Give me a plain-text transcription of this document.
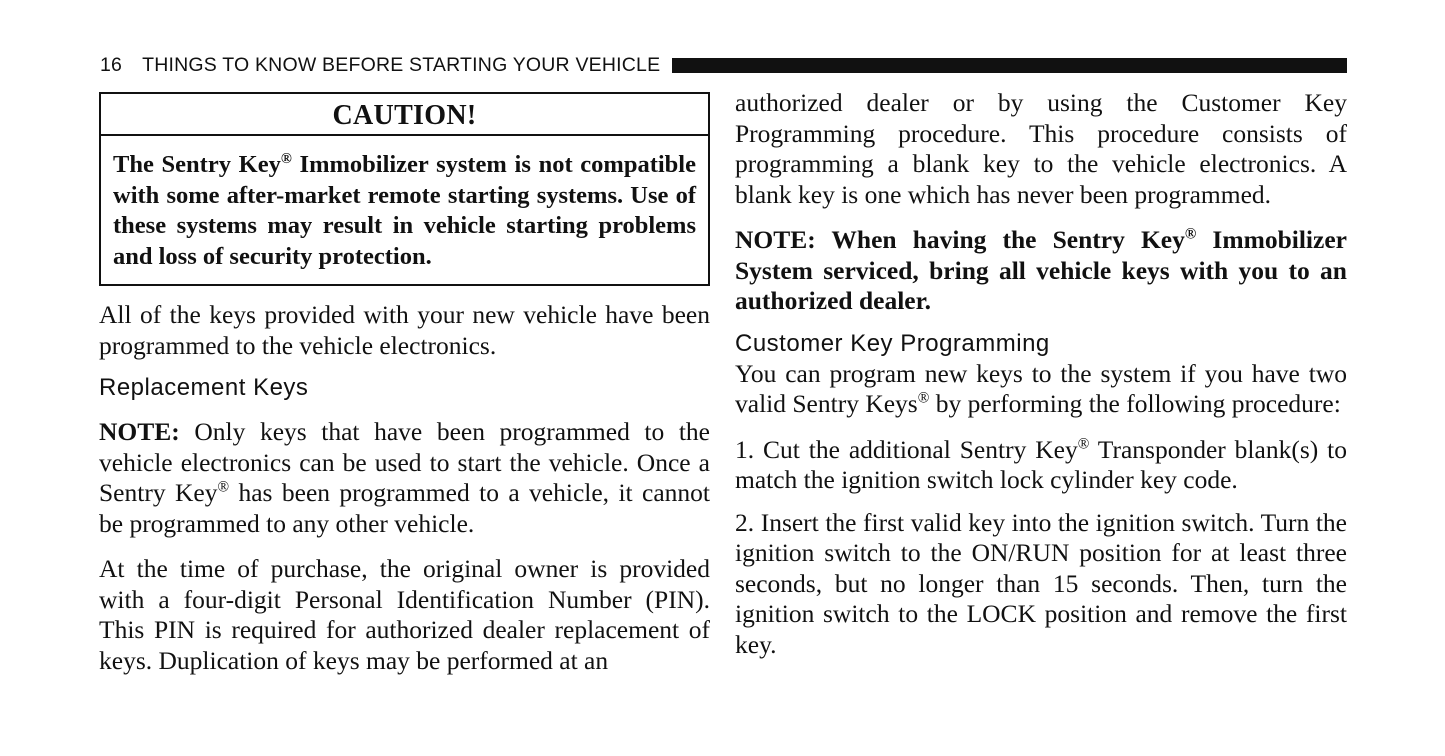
16 THINGS TO KNOW BEFORE STARTING YOUR VEHICLE
CAUTION!
The Sentry Key® Immobilizer system is not compatible with some after-market remote starting systems. Use of these systems may result in vehicle starting problems and loss of security protection.

All of the keys provided with your new vehicle have been programmed to the vehicle electronics.

Replacement Keys

NOTE: Only keys that have been programmed to the vehicle electronics can be used to start the vehicle. Once a Sentry Key® has been programmed to a vehicle, it cannot be programmed to any other vehicle.

At the time of purchase, the original owner is provided with a four-digit Personal Identification Number (PIN). This PIN is required for authorized dealer replacement of keys. Duplication of keys may be performed at an

authorized dealer or by using the Customer Key Programming procedure. This procedure consists of programming a blank key to the vehicle electronics. A blank key is one which has never been programmed.

NOTE: When having the Sentry Key® Immobilizer System serviced, bring all vehicle keys with you to an authorized dealer.

Customer Key Programming

You can program new keys to the system if you have two valid Sentry Keys® by performing the following procedure:

1. Cut the additional Sentry Key® Transponder blank(s) to match the ignition switch lock cylinder key code.

2. Insert the first valid key into the ignition switch. Turn the ignition switch to the ON/RUN position for at least three seconds, but no longer than 15 seconds. Then, turn the ignition switch to the LOCK position and remove the first key.
